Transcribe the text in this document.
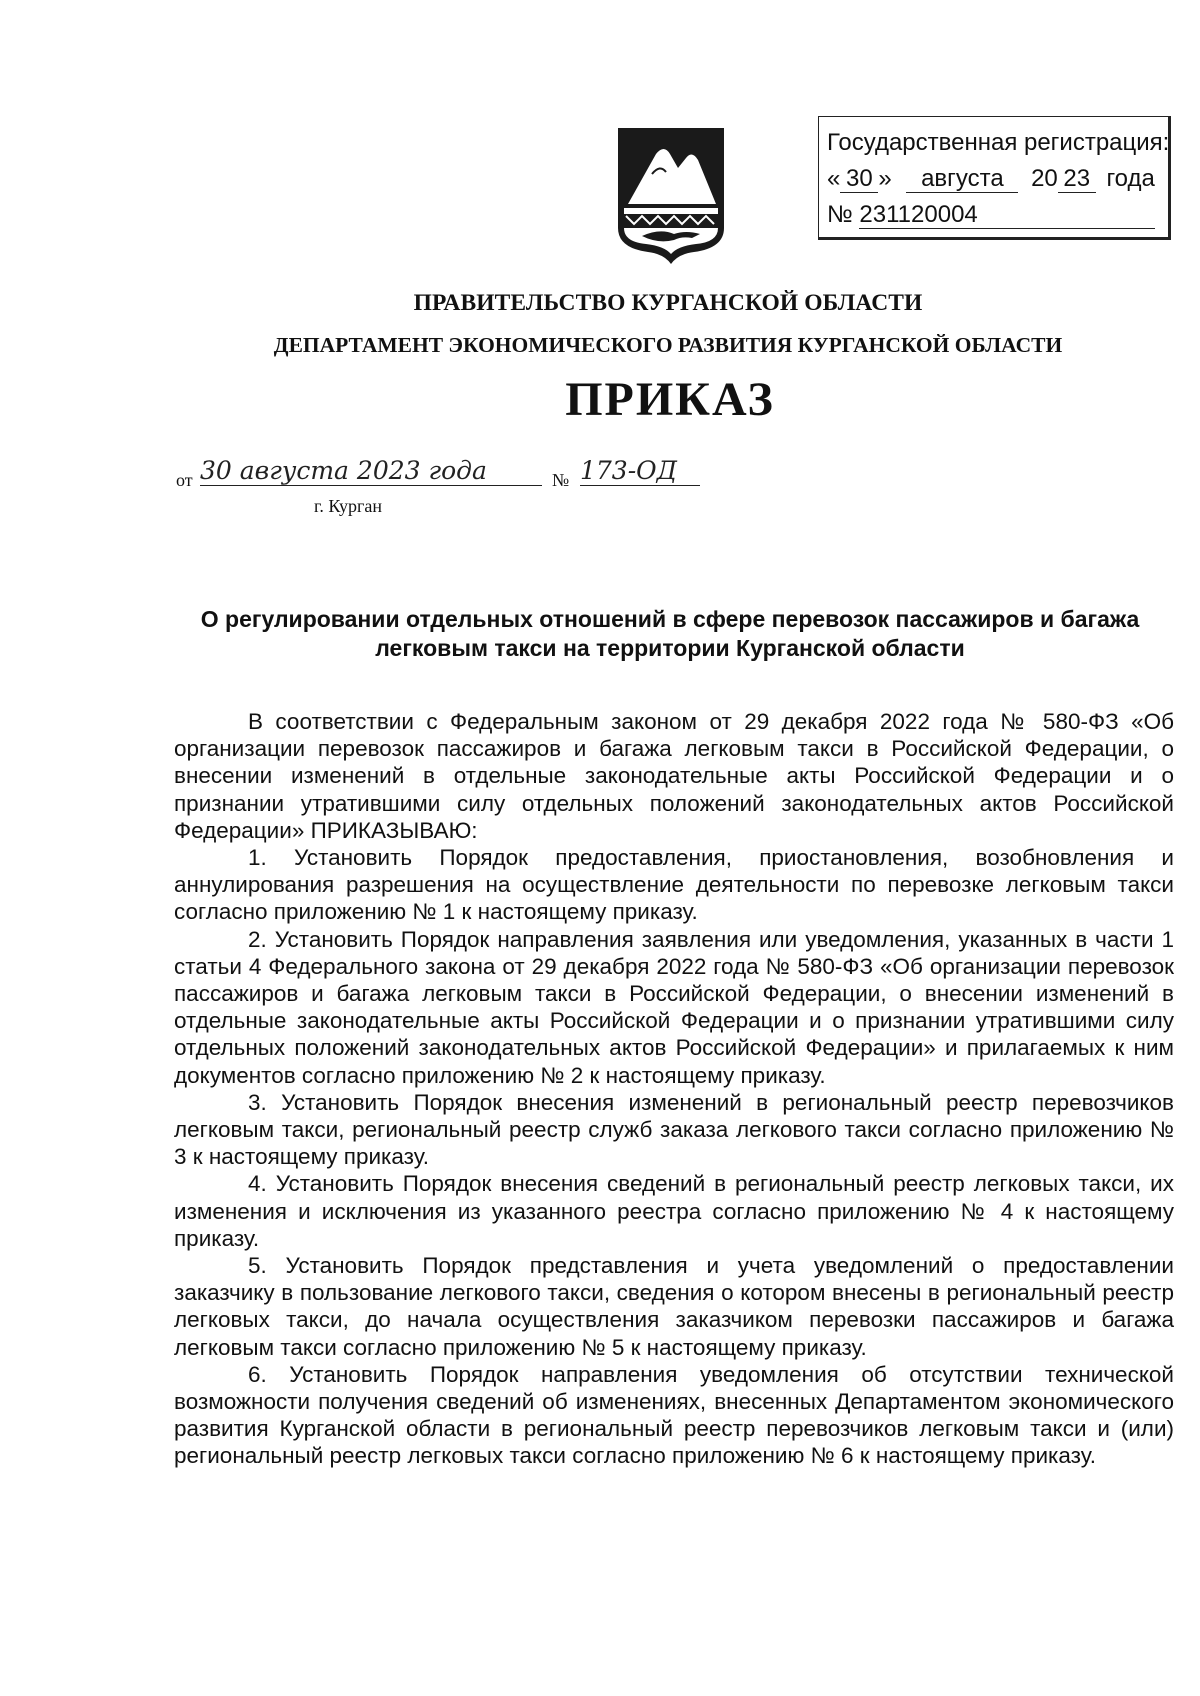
Государственная регистрация:
« 30 » августа 20 23 года
№ 231120004
ПРАВИТЕЛЬСТВО КУРГАНСКОЙ ОБЛАСТИ
ДЕПАРТАМЕНТ ЭКОНОМИЧЕСКОГО РАЗВИТИЯ КУРГАНСКОЙ ОБЛАСТИ
ПРИКАЗ
от 30 августа 2023 года	№ 173-ОД
г. Курган
О регулировании отдельных отношений в сфере перевозок пассажиров и багажа
легковым такси на территории Курганской области

В соответствии с Федеральным законом от 29 декабря 2022 года № 580-ФЗ «Об организации перевозок пассажиров и багажа легковым такси в Российской Федерации, о внесении изменений в отдельные законодательные акты Российской Федерации и о признании утратившими силу отдельных положений законодательных актов Российской Федерации» ПРИКАЗЫВАЮ:

1. Установить Порядок предоставления, приостановления, возобновления и аннулирования разрешения на осуществление деятельности по перевозке легковым такси согласно приложению № 1 к настоящему приказу.

2. Установить Порядок направления заявления или уведомления, указанных в части 1 статьи 4 Федерального закона от 29 декабря 2022 года № 580-ФЗ «Об организации перевозок пассажиров и багажа легковым такси в Российской Федерации, о внесении изменений в отдельные законодательные акты Российской Федерации и о признании утратившими силу отдельных положений законодательных актов Российской Федерации» и прилагаемых к ним документов согласно приложению № 2 к настоящему приказу.

3. Установить Порядок внесения изменений в региональный реестр перевозчиков легковым такси, региональный реестр служб заказа легкового такси согласно приложению № 3 к настоящему приказу.

4. Установить Порядок внесения сведений в региональный реестр легковых такси, их изменения и исключения из указанного реестра согласно приложению № 4 к настоящему приказу.

5. Установить Порядок представления и учета уведомлений о предоставлении заказчику в пользование легкового такси, сведения о котором внесены в региональный реестр легковых такси, до начала осуществления заказчиком перевозки пассажиров и багажа легковым такси согласно приложению № 5 к настоящему приказу.

6. Установить Порядок направления уведомления об отсутствии технической возможности получения сведений об изменениях, внесенных Департаментом экономического развития Курганской области в региональный реестр перевозчиков легковым такси и (или) региональный реестр легковых такси согласно приложению № 6 к настоящему приказу.
